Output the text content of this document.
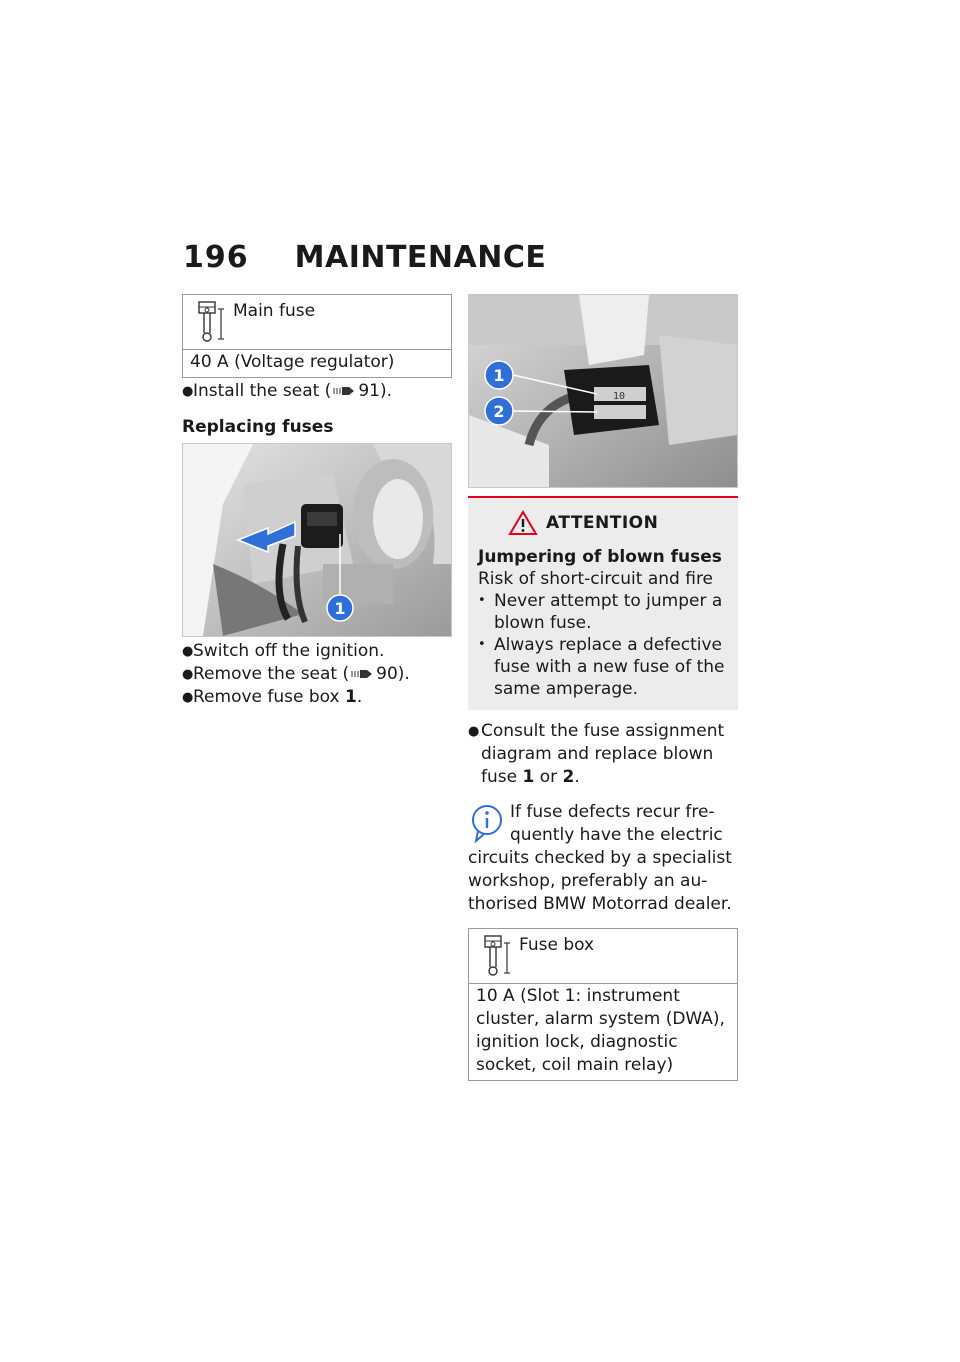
196 MAINTENANCE
Main fuse
40 A (Voltage regulator)
● Install the seat ( 91).
Replacing fuses
1
● Switch off the ignition.
● Remove the seat ( 90).
● Remove fuse box 1.
10
1
2
ATTENTION
Jumpering of blown fuses
Risk of short-circuit and fire
• Never attempt to jumper a blown fuse.
• Always replace a defective fuse with a new fuse of the same amperage.
● Consult the fuse assignment diagram and replace blown fuse 1 or 2.
If fuse defects recur fre-
quently have the electric
circuits checked by a specialist
workshop, preferably an au-
thorised BMW Motorrad dealer.
Fuse box
10 A (Slot 1: instrument
cluster, alarm system (DWA),
ignition lock, diagnostic
socket, coil main relay)
